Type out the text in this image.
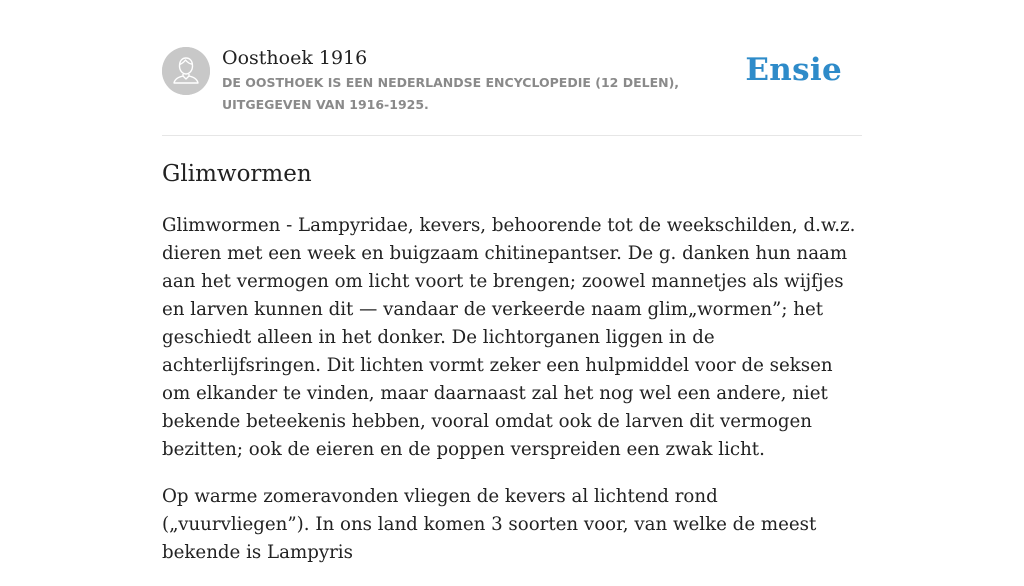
Oosthoek 1916
DE OOSTHOEK IS EEN NEDERLANDSE ENCYCLOPEDIE (12 DELEN), UITGEGEVEN VAN 1916-1925.
Ensie
Glimwormen

Glimwormen - Lampyridae, kevers, behoorende tot de weekschilden, d.w.z. dieren met een week en buigzaam chitinepantser. De g. danken hun naam aan het vermogen om licht voort te brengen; zoowel mannetjes als wijfjes en larven kunnen dit — vandaar de verkeerde naam glim„wormen”; het geschiedt alleen in het donker. De lichtorganen liggen in de achterlijfsringen. Dit lichten vormt zeker een hulpmiddel voor de seksen om elkander te vinden, maar daarnaast zal het nog wel een andere, niet bekende beteekenis hebben, vooral omdat ook de larven dit vermogen bezitten; ook de eieren en de poppen verspreiden een zwak licht.

Op warme zomeravonden vliegen de kevers al lichtend rond („vuurvliegen”). In ons land komen 3 soorten voor, van welke de meest bekende is Lampyris
